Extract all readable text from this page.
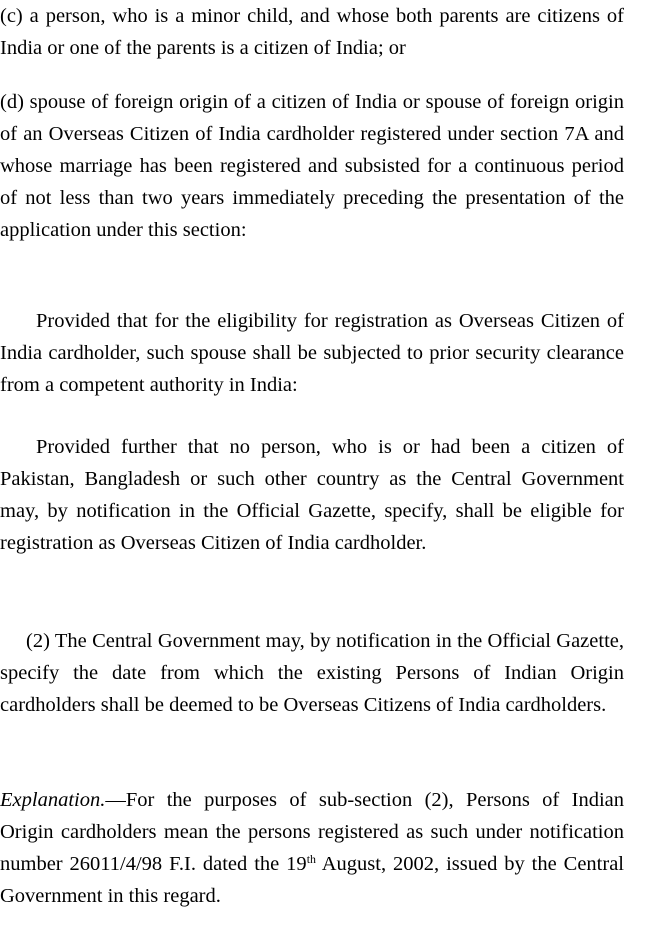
(c) a person, who is a minor child, and whose both parents are citizens of India or one of the parents is a citizen of India; or

(d) spouse of foreign origin of a citizen of India or spouse of foreign origin of an Overseas Citizen of India cardholder registered under section 7A and whose marriage has been registered and subsisted for a continuous period of not less than two years immediately preceding the presentation of the application under this section:

Provided that for the eligibility for registration as Overseas Citizen of India cardholder, such spouse shall be subjected to prior security clearance from a competent authority in India:

Provided further that no person, who is or had been a citizen of Pakistan, Bangladesh or such other country as the Central Government may, by notification in the Official Gazette, specify, shall be eligible for registration as Overseas Citizen of India cardholder.

(2) The Central Government may, by notification in the Official Gazette, specify the date from which the existing Persons of Indian Origin cardholders shall be deemed to be Overseas Citizens of India cardholders.

Explanation.—For the purposes of sub-section (2), Persons of Indian Origin cardholders mean the persons registered as such under notification number 26011/4/98 F.I. dated the 19th August, 2002, issued by the Central Government in this regard.
